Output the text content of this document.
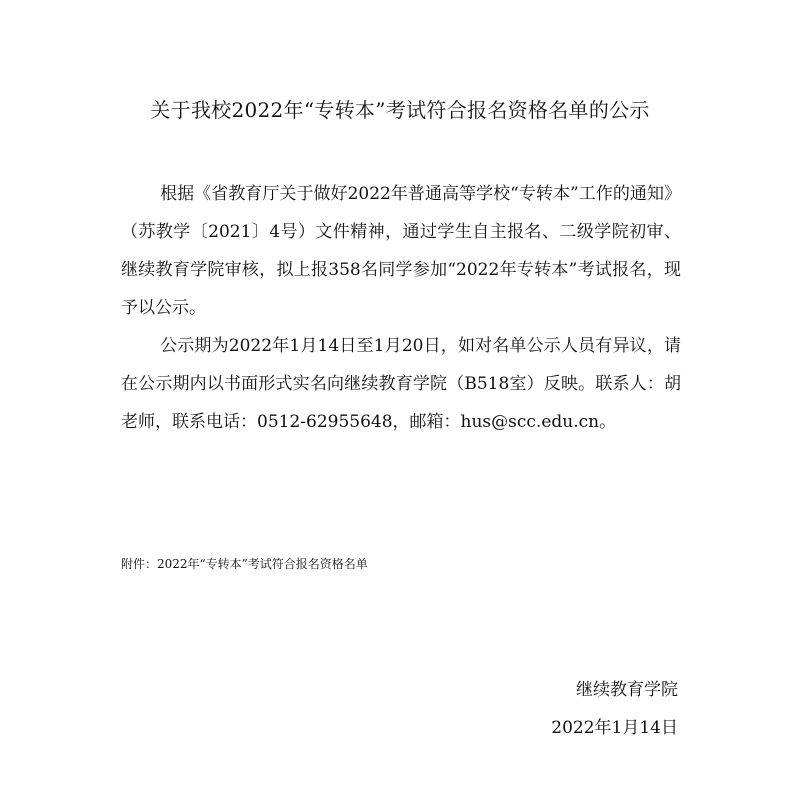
关于我校2022年“专转本”考试符合报名资格名单的公示

根据《省教育厅关于做好2022年普通高等学校“专转本”工作的通知》（苏教学〔2021〕4号）文件精神，通过学生自主报名、二级学院初审、继续教育学院审核，拟上报358名同学参加“2022年专转本”考试报名，现予以公示。

公示期为2022年1月14日至1月20日，如对名单公示人员有异议，请在公示期内以书面形式实名向继续教育学院（B518室）反映。联系人：胡老师，联系电话：0512-62955648，邮箱：hus@scc.edu.cn。

附件：2022年“专转本”考试符合报名资格名单
继续教育学院
2022年1月14日
